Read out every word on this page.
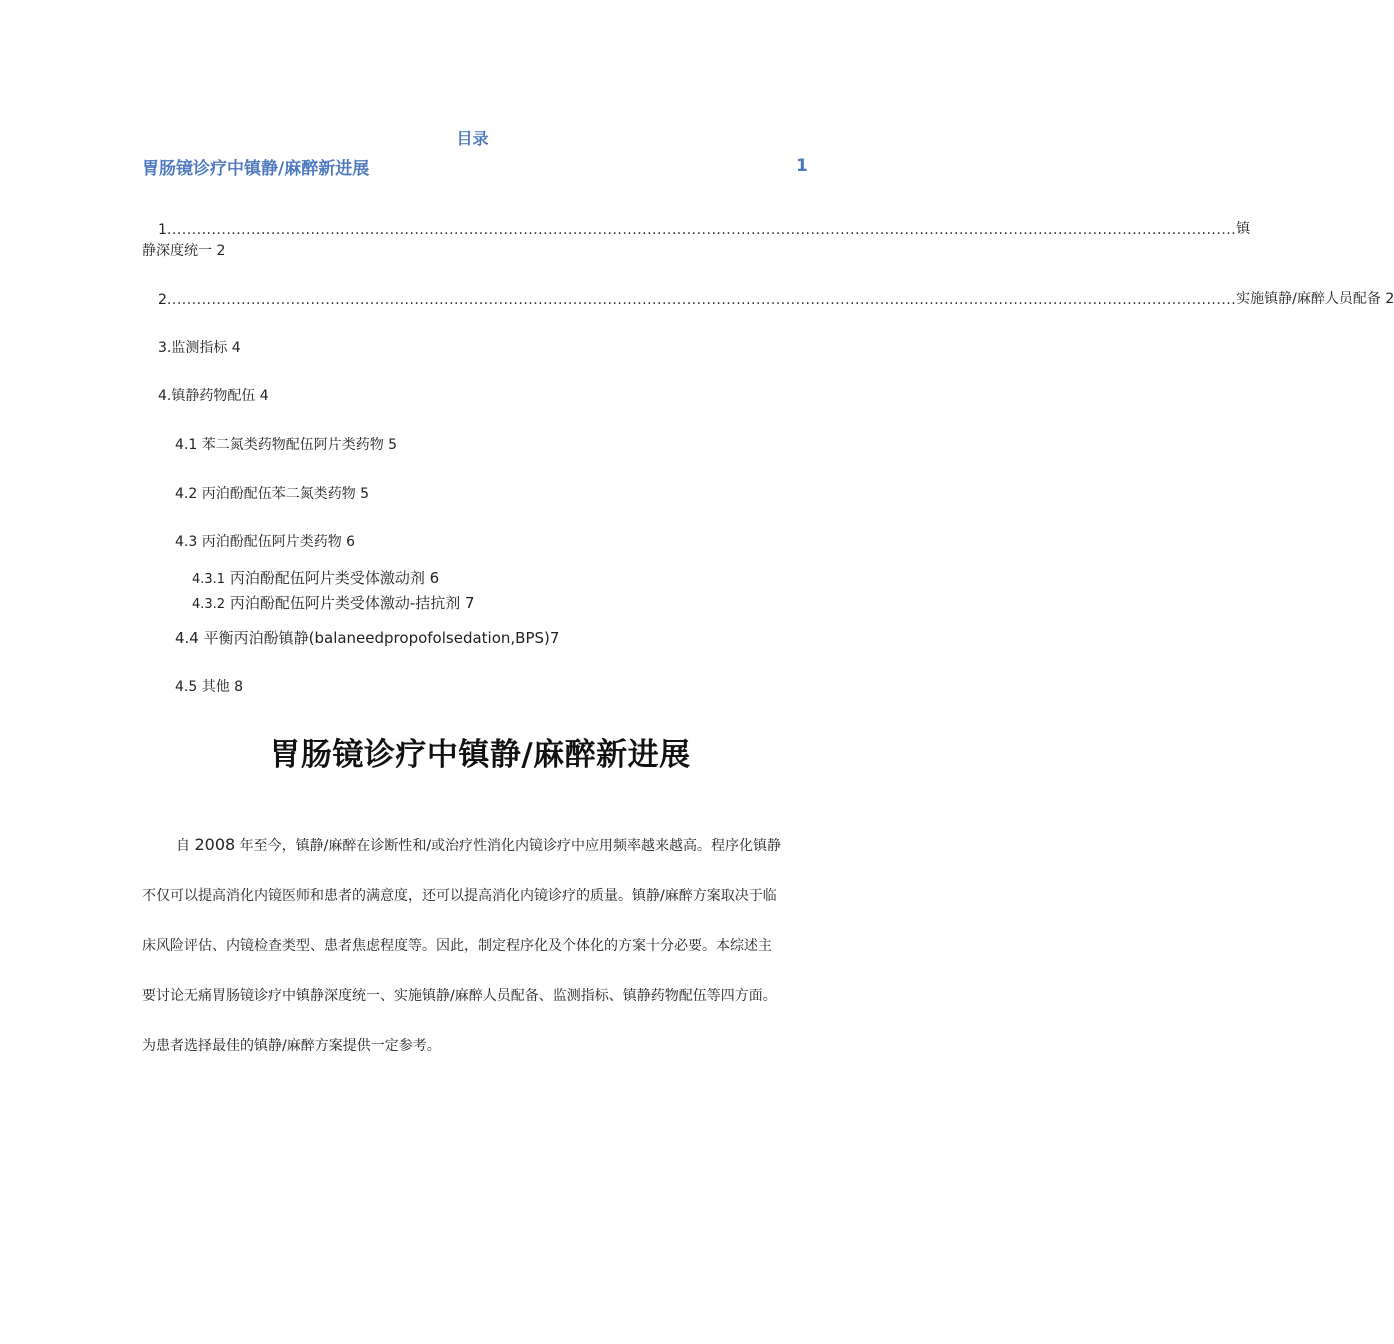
目录
胃肠镜诊疗中镇静/麻醉新进展	1
1 ........................................................................................................................................................................................................................ 镇
静深度统一 2
2 ........................................................................................................................................................................................................................ 实施镇静/麻醉人员配备 2
3.监测指标 4
4.镇静药物配伍 4
4.1 苯二氮类药物配伍阿片类药物 5
4.2 丙泊酚配伍苯二氮类药物 5
4.3 丙泊酚配伍阿片类药物 6
4.3.1 丙泊酚配伍阿片类受体激动剂 6
4.3.2 丙泊酚配伍阿片类受体激动-拮抗剂 7
4.4 平衡丙泊酚镇静(balaneedpropofolsedation,BPS)7
4.5 其他 8
胃肠镜诊疗中镇静/麻醉新进展
自 2008 年至今，镇静/麻醉在诊断性和/或治疗性消化内镜诊疗中应用频率越来越高。程序化镇静
不仅可以提高消化内镜医师和患者的满意度，还可以提高消化内镜诊疗的质量。镇静/麻醉方案取决于临
床风险评估、内镜检查类型、患者焦虑程度等。因此，制定程序化及个体化的方案十分必要。本综述主
要讨论无痛胃肠镜诊疗中镇静深度统一、实施镇静/麻醉人员配备、监测指标、镇静药物配伍等四方面。
为患者选择最佳的镇静/麻醉方案提供一定参考。
